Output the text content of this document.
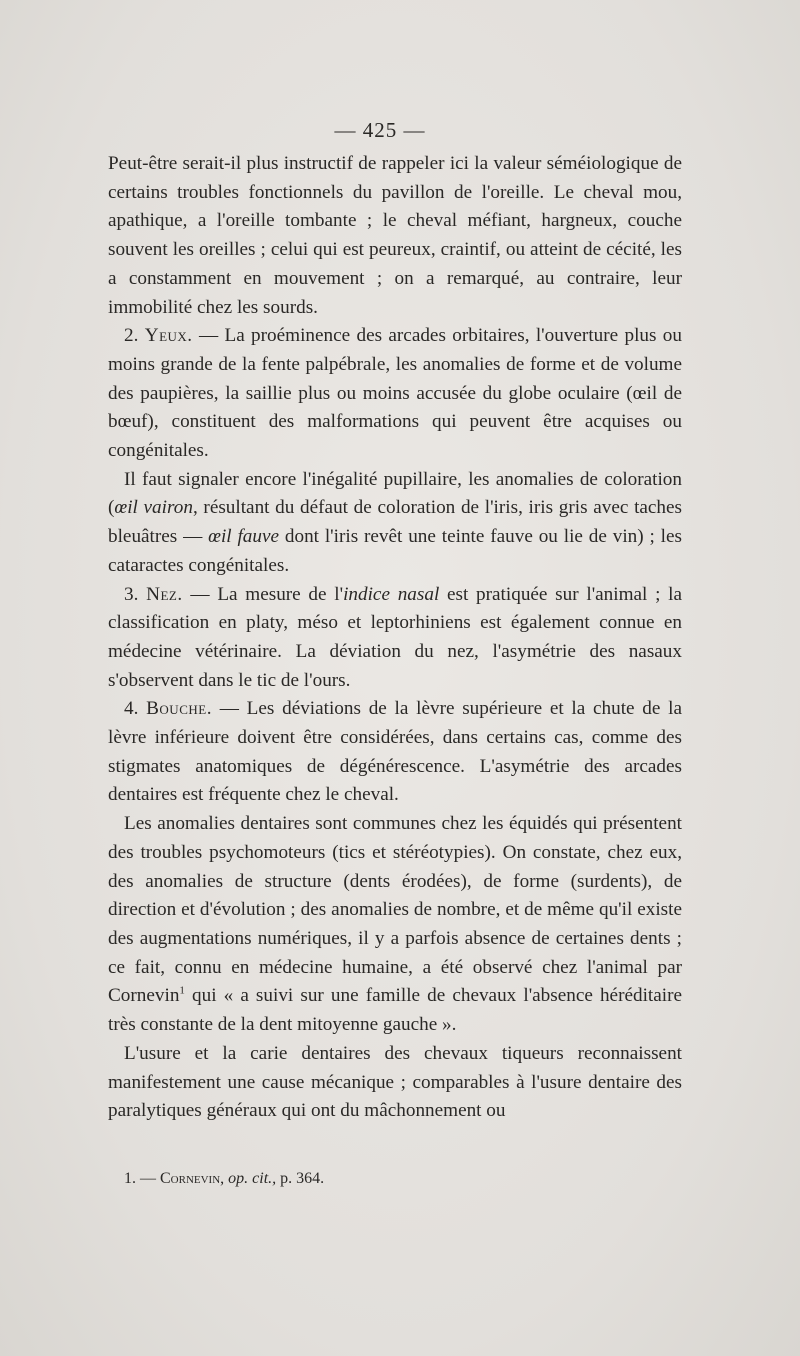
— 425 —

Peut-être serait-il plus instructif de rappeler ici la valeur séméiologique de certains troubles fonctionnels du pavillon de l'oreille. Le cheval mou, apathique, a l'oreille tombante ; le cheval méfiant, hargneux, couche souvent les oreilles ; celui qui est peureux, craintif, ou atteint de cécité, les a constamment en mouvement ; on a remarqué, au contraire, leur immobilité chez les sourds.

2. Yeux. — La proéminence des arcades orbitaires, l'ouverture plus ou moins grande de la fente palpébrale, les anomalies de forme et de volume des paupières, la saillie plus ou moins accusée du globe oculaire (œil de bœuf), constituent des malformations qui peuvent être acquises ou congénitales.

Il faut signaler encore l'inégalité pupillaire, les anomalies de coloration (œil vairon, résultant du défaut de coloration de l'iris, iris gris avec taches bleuâtres — œil fauve dont l'iris revêt une teinte fauve ou lie de vin) ; les cataractes congénitales.

3. Nez. — La mesure de l'indice nasal est pratiquée sur l'animal ; la classification en platy, méso et leptorhiniens est également connue en médecine vétérinaire. La déviation du nez, l'asymétrie des nasaux s'observent dans le tic de l'ours.

4. Bouche. — Les déviations de la lèvre supérieure et la chute de la lèvre inférieure doivent être considérées, dans certains cas, comme des stigmates anatomiques de dégénérescence. L'asymétrie des arcades dentaires est fréquente chez le cheval.

Les anomalies dentaires sont communes chez les équidés qui présentent des troubles psychomoteurs (tics et stéréotypies). On constate, chez eux, des anomalies de structure (dents érodées), de forme (surdents), de direction et d'évolution ; des anomalies de nombre, et de même qu'il existe des augmentations numériques, il y a parfois absence de certaines dents ; ce fait, connu en médecine humaine, a été observé chez l'animal par Cornevin$^1$ qui « a suivi sur une famille de chevaux l'absence héréditaire très constante de la dent mitoyenne gauche ».

L'usure et la carie dentaires des chevaux tiqueurs reconnaissent manifestement une cause mécanique ; comparables à l'usure dentaire des paralytiques généraux qui ont du mâchonnement ou

1. — Cornevin, op. cit., p. 364.
